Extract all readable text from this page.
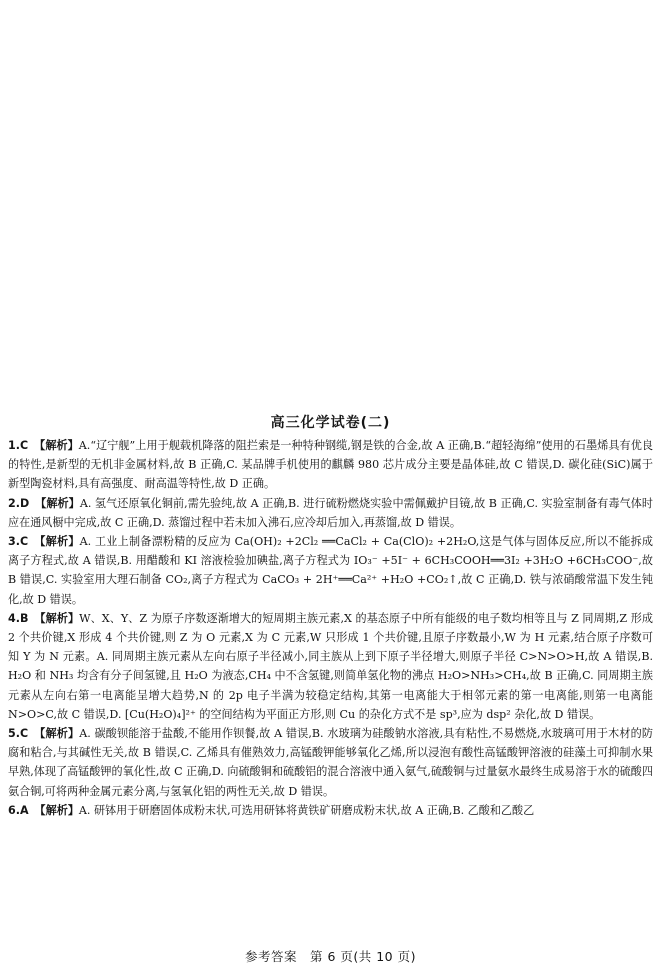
高三化学试卷(二)

1.C 【解析】A.“辽宁舰”上用于舰载机降落的阻拦索是一种特种钢缆,钢是铁的合金,故 A 正确,B.“超轻海绵”使用的石墨烯具有优良的特性,是新型的无机非金属材料,故 B 正确,C. 某品牌手机使用的麒麟 980 芯片成分主要是晶体硅,故 C 错误,D. 碳化硅(SiC)属于新型陶瓷材料,具有高强度、耐高温等特性,故 D 正确。

2.D 【解析】A. 氢气还原氧化铜前,需先验纯,故 A 正确,B. 进行硫粉燃烧实验中需佩戴护目镜,故 B 正确,C. 实验室制备有毒气体时应在通风橱中完成,故 C 正确,D. 蒸馏过程中若未加入沸石,应冷却后加入,再蒸馏,故 D 错误。

3.C 【解析】A. 工业上制备漂粉精的反应为 Ca(OH)₂ +2Cl₂ ══CaCl₂ + Ca(ClO)₂ +2H₂O,这是气体与固体反应,所以不能拆成离子方程式,故 A 错误,B. 用醋酸和 KI 溶液检验加碘盐,离子方程式为 IO₃⁻ +5I⁻ + 6CH₃COOH══3I₂ +3H₂O +6CH₃COO⁻,故 B 错误,C. 实验室用大理石制备 CO₂,离子方程式为 CaCO₃ + 2H⁺══Ca²⁺ +H₂O +CO₂↑,故 C 正确,D. 铁与浓硝酸常温下发生钝化,故 D 错误。

4.B 【解析】W、X、Y、Z 为原子序数逐渐增大的短周期主族元素,X 的基态原子中所有能级的电子数均相等且与 Z 同周期,Z 形成 2 个共价键,X 形成 4 个共价键,则 Z 为 O 元素,X 为 C 元素,W 只形成 1 个共价键,且原子序数最小,W 为 H 元素,结合原子序数可知 Y 为 N 元素。A. 同周期主族元素从左向右原子半径减小,同主族从上到下原子半径增大,则原子半径 C>N>O>H,故 A 错误,B. H₂O 和 NH₃ 均含有分子间氢键,且 H₂O 为液态,CH₄ 中不含氢键,则简单氢化物的沸点 H₂O>NH₃>CH₄,故 B 正确,C. 同周期主族元素从左向右第一电离能呈增大趋势,N 的 2p 电子半满为较稳定结构,其第一电离能大于相邻元素的第一电离能,则第一电离能 N>O>C,故 C 错误,D. [Cu(H₂O)₄]²⁺ 的空间结构为平面正方形,则 Cu 的杂化方式不是 sp³,应为 dsp² 杂化,故 D 错误。

5.C 【解析】A. 碳酸钡能溶于盐酸,不能用作钡餐,故 A 错误,B. 水玻璃为硅酸钠水溶液,具有粘性,不易燃烧,水玻璃可用于木材的防腐和粘合,与其碱性无关,故 B 错误,C. 乙烯具有催熟效力,高锰酸钾能够氧化乙烯,所以浸泡有酸性高锰酸钾溶液的硅藻土可抑制水果早熟,体现了高锰酸钾的氧化性,故 C 正确,D. 向硫酸铜和硫酸铝的混合溶液中通入氨气,硫酸铜与过量氨水最终生成易溶于水的硫酸四氨合铜,可将两种金属元素分离,与氢氧化铝的两性无关,故 D 错误。

6.A 【解析】A. 研钵用于研磨固体成粉末状,可选用研钵将黄铁矿研磨成粉末状,故 A 正确,B. 乙酸和乙酸乙

参考答案　第 6 页(共 10 页)
